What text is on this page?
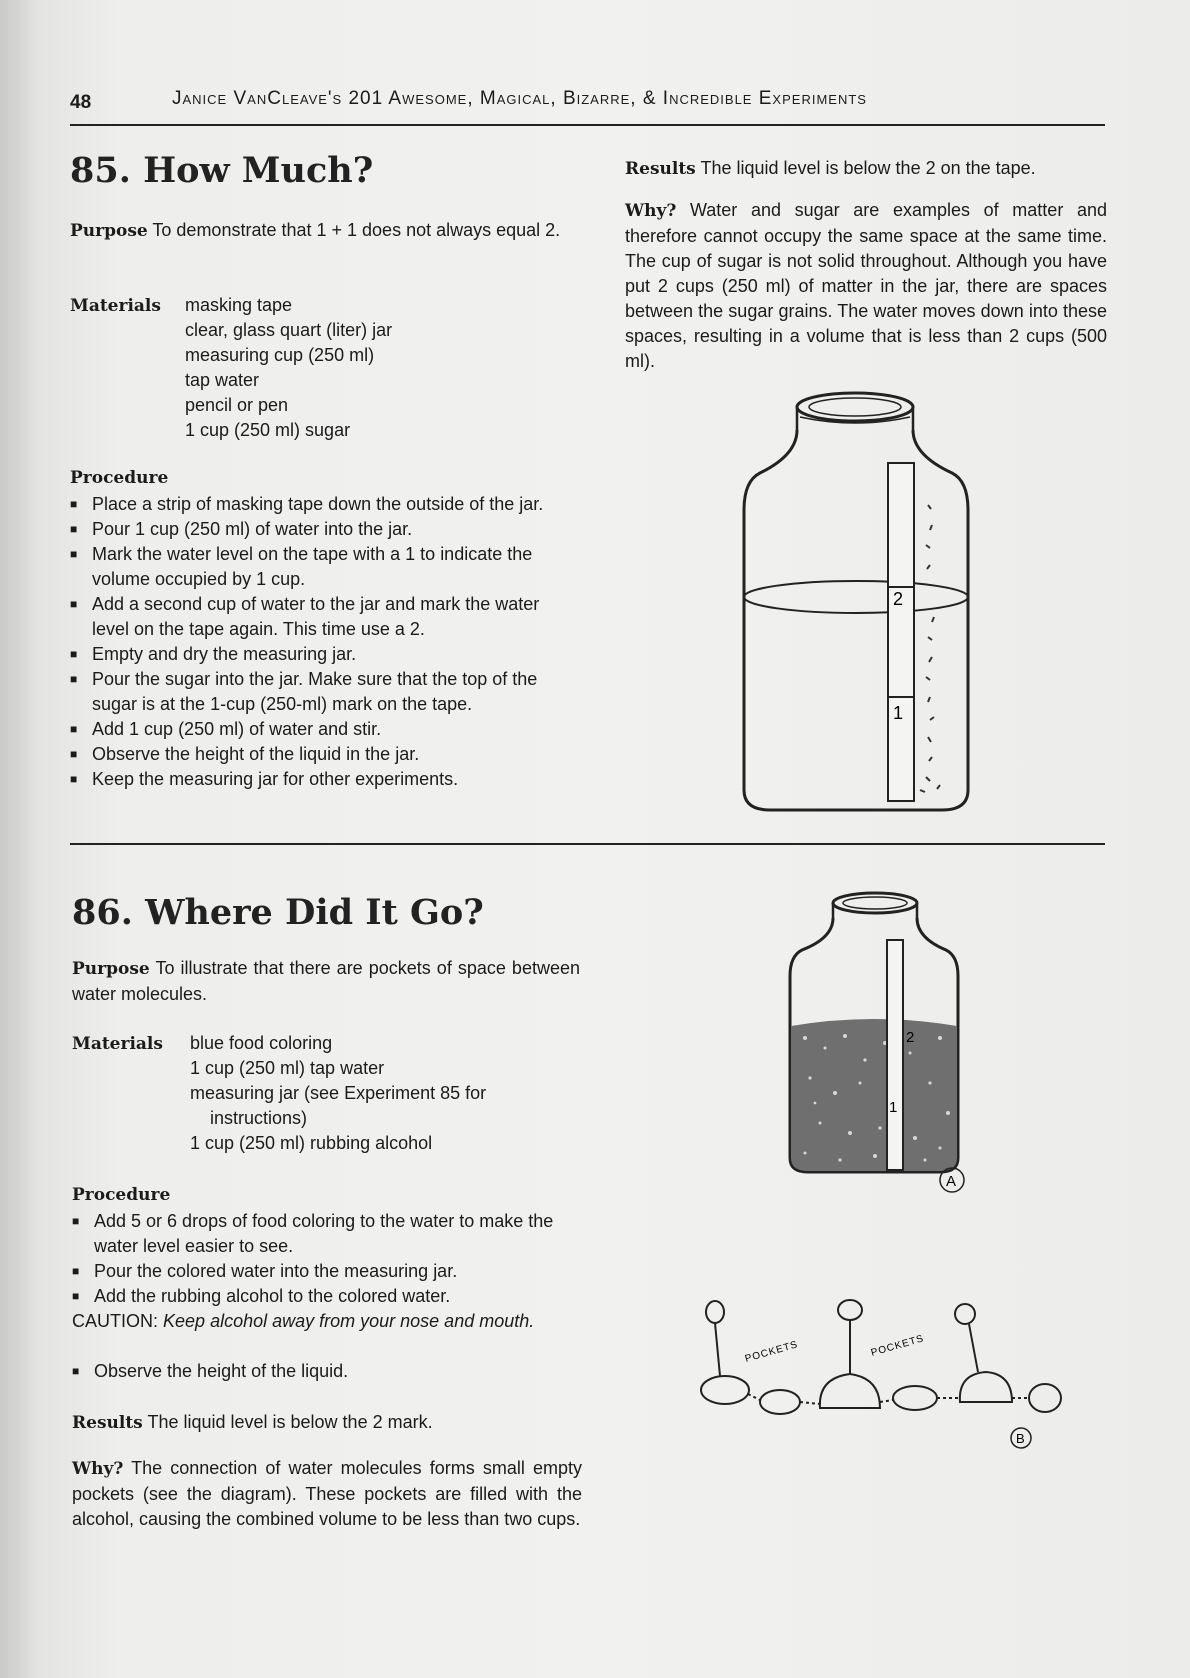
48	Janice VanCleave's 201 Awesome, Magical, Bizarre, & Incredible Experiments
85. How Much?
Purpose To demonstrate that 1 + 1 does not always equal 2.
Materials masking tape
clear, glass quart (liter) jar
measuring cup (250 ml)
tap water
pencil or pen
1 cup (250 ml) sugar
Procedure
■ Place a strip of masking tape down the outside of the jar.
■ Pour 1 cup (250 ml) of water into the jar.
■ Mark the water level on the tape with a 1 to indicate the volume occupied by 1 cup.
■ Add a second cup of water to the jar and mark the water level on the tape again. This time use a 2.
■ Empty and dry the measuring jar.
■ Pour the sugar into the jar. Make sure that the top of the sugar is at the 1-cup (250-ml) mark on the tape.
■ Add 1 cup (250 ml) of water and stir.
■ Observe the height of the liquid in the jar.
■ Keep the measuring jar for other experiments.
Results The liquid level is below the 2 on the tape.
Why? Water and sugar are examples of matter and therefore cannot occupy the same space at the same time. The cup of sugar is not solid throughout. Although you have put 2 cups (250 ml) of matter in the jar, there are spaces between the sugar grains. The water moves down into these spaces, resulting in a volume that is less than 2 cups (500 ml).
2
1
86. Where Did It Go?
Purpose To illustrate that there are pockets of space between water molecules.
Materials blue food coloring
1 cup (250 ml) tap water
measuring jar (see Experiment 85 for
instructions)
1 cup (250 ml) rubbing alcohol
Procedure
■ Add 5 or 6 drops of food coloring to the water to make the water level easier to see.
■ Pour the colored water into the measuring jar.
■ Add the rubbing alcohol to the colored water.
CAUTION: Keep alcohol away from your nose and mouth.
■ Observe the height of the liquid.
Results The liquid level is below the 2 mark.
Why? The connection of water molecules forms small empty pockets (see the diagram). These pockets are filled with the alcohol, causing the combined volume to be less than two cups.
2
1
A
POCKETS	POCKETS
B
